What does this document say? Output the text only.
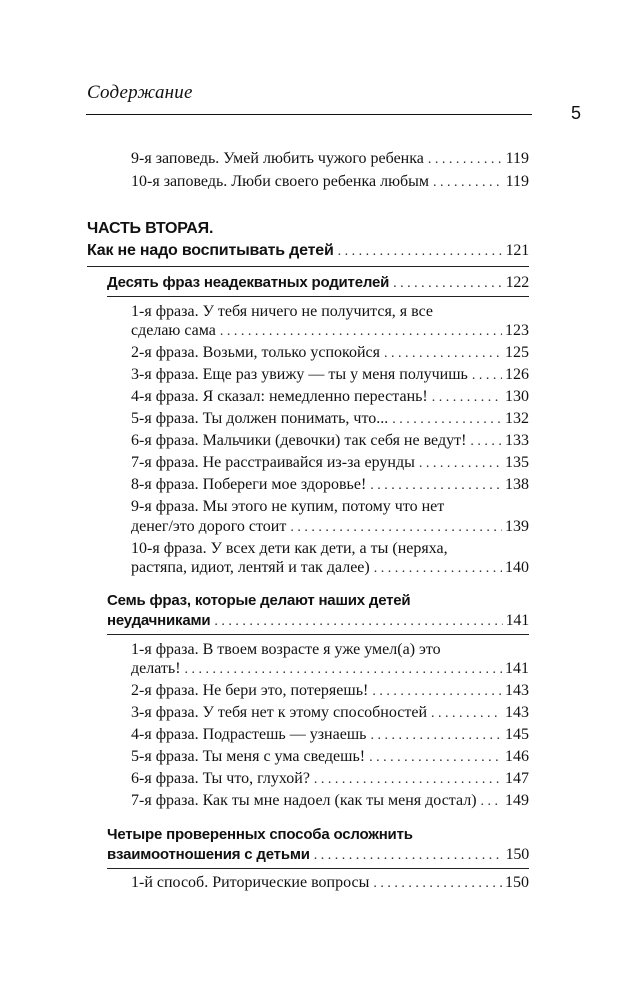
Содержание
5
9-я заповедь. Умей любить чужого ребенка . . .	119
10-я заповедь. Люби своего ребенка любым . . .	119
ЧАСТЬ ВТОРАЯ.
Как не надо воспитывать детей . . .	121
Десять фраз неадекватных родителей . . .	122
1-я фраза. У тебя ничего не получится, я все
сделаю сама . . .	123
2-я фраза. Возьми, только успокойся . . .	125
3-я фраза. Еще раз увижу — ты у меня получишь . . . 126
4-я фраза. Я сказал: немедленно перестань! . . .	130
5-я фраза. Ты должен понимать, что... . . .	132
6-я фраза. Мальчики (девочки) так себя не ведут! . . . 133
7-я фраза. Не расстраивайся из-за ерунды . . .	135
8-я фраза. Побереги мое здоровье! . . .	138
9-я фраза. Мы этого не купим, потому что нет
денег/это дорого стоит . . .	139
10-я фраза. У всех дети как дети, а ты (неряха,
растяпа, идиот, лентяй и так далее) . . .	140
Семь фраз, которые делают наших детей
неудачниками . . .	141
1-я фраза. В твоем возрасте я уже умел(а) это
делать! . . .	141
2-я фраза. Не бери это, потеряешь! . . .	143
3-я фраза. У тебя нет к этому способностей . . .	143
4-я фраза. Подрастешь — узнаешь . . .	145
5-я фраза. Ты меня с ума сведешь! . . .	146
6-я фраза. Ты что, глухой? . . .	147
7-я фраза. Как ты мне надоел (как ты меня достал) . . . 149
Четыре проверенных способа осложнить
взаимоотношения с детьми . . .	150
1-й способ. Риторические вопросы . . .	150
